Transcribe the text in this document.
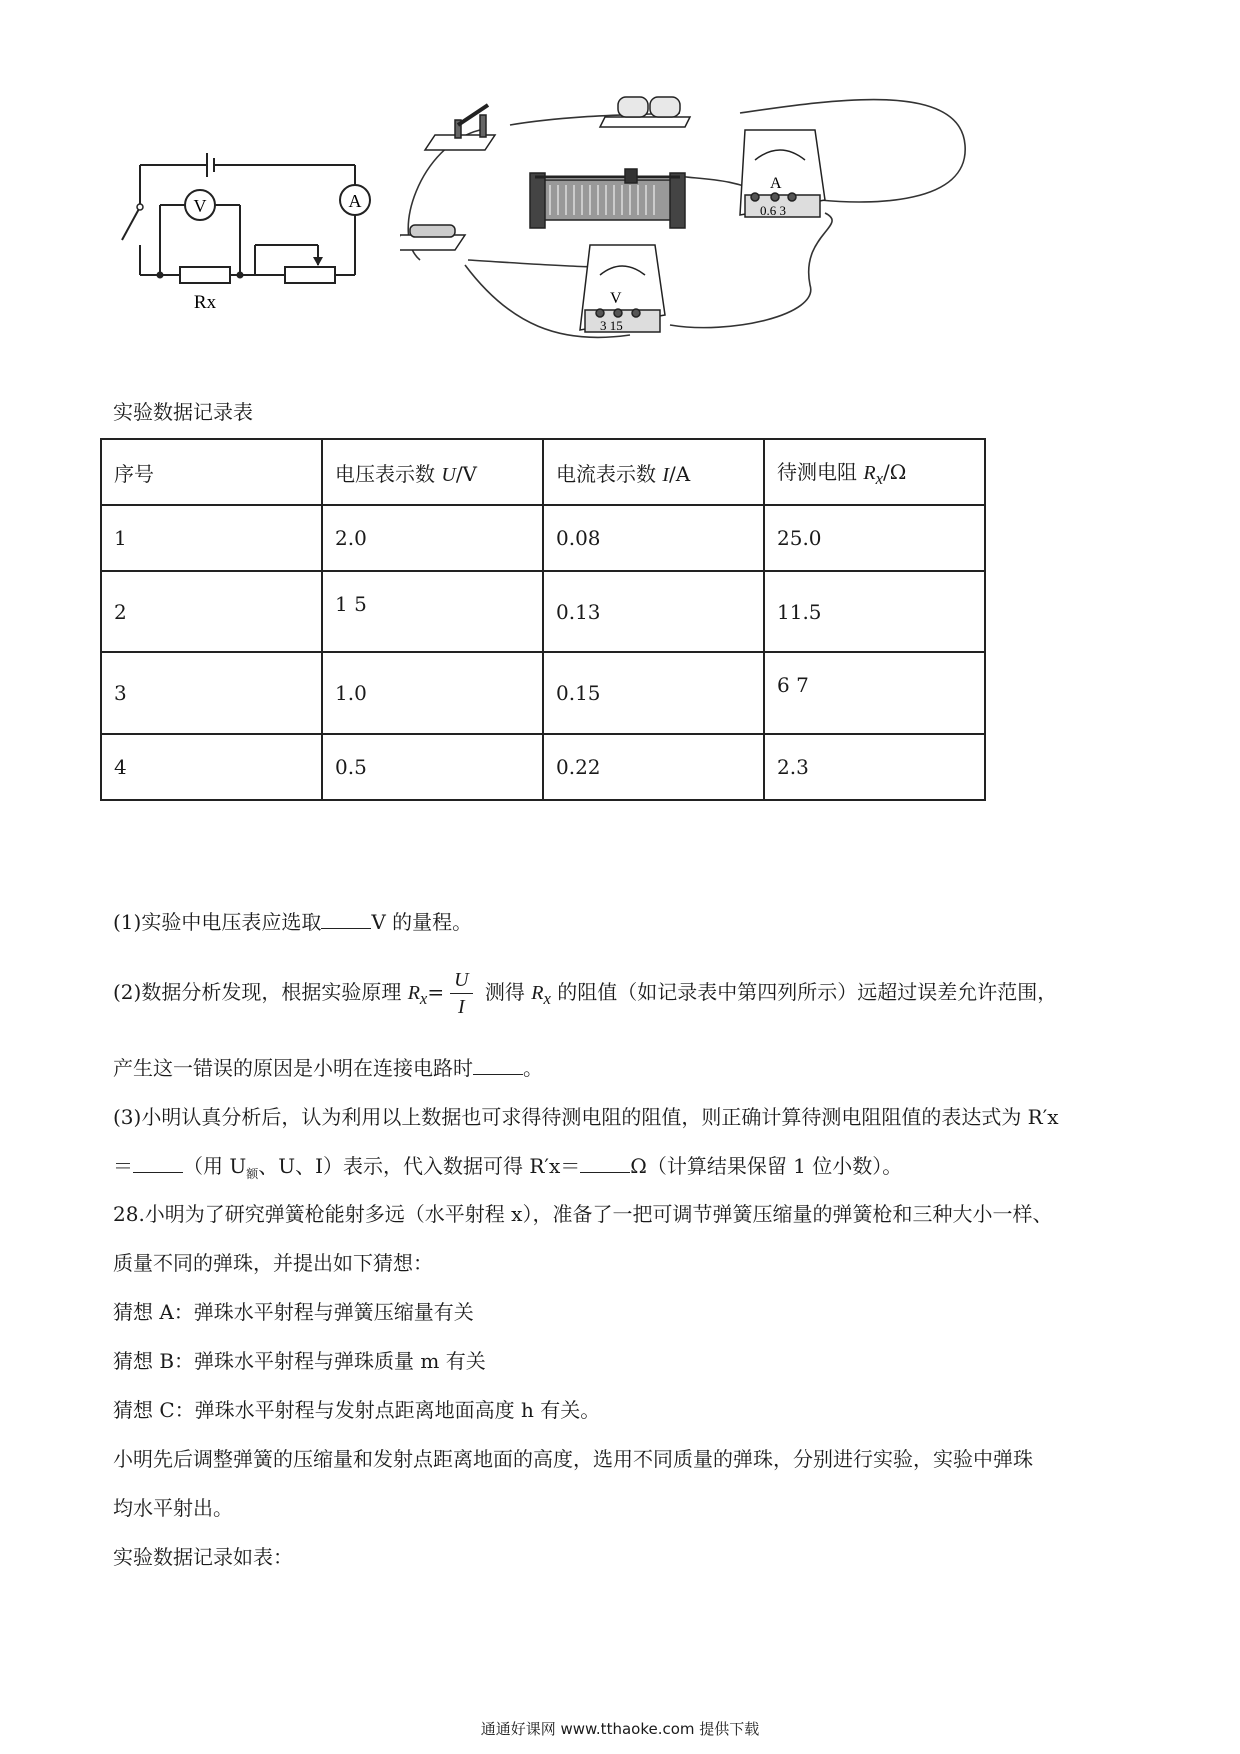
V	A
Rx
A
0.6 3
V
3 15
实验数据记录表
序号	电压表示数 U/V	电流表示数 I/A	待测电阻 $R_x/\Omega$
1	2.0	0.08	25.0
2	1 5	0.13	11.5
3	1.0	0.15	6 7
4	0.5	0.22	2.3
(1)实验中电压表应选取	V 的量程。
(2)数据分析发现，根据实验原理 $R_x= \frac{U}{I}$ 测得 $R_x$ 的阻值（如记录表中第四列所示）远超过误差允许范围，
产生这一错误的原因是小明在连接电路时	。
(3)小明认真分析后，认为利用以上数据也可求得待测电阻的阻值，则正确计算待测电阻阻值的表达式为 R′x
＝	（用 $U_额$、U、I）表示，代入数据可得 R′x＝	Ω（计算结果保留 1 位小数）。
28.小明为了研究弹簧枪能射多远（水平射程 x），准备了一把可调节弹簧压缩量的弹簧枪和三种大小一样、
质量不同的弹珠，并提出如下猜想：
猜想 A：弹珠水平射程与弹簧压缩量有关
猜想 B：弹珠水平射程与弹珠质量 m 有关
猜想 C：弹珠水平射程与发射点距离地面高度 h 有关。
小明先后调整弹簧的压缩量和发射点距离地面的高度，选用不同质量的弹珠，分别进行实验，实验中弹珠
均水平射出。
实验数据记录如表：
通通好课网 www.tthaoke.com 提供下载
